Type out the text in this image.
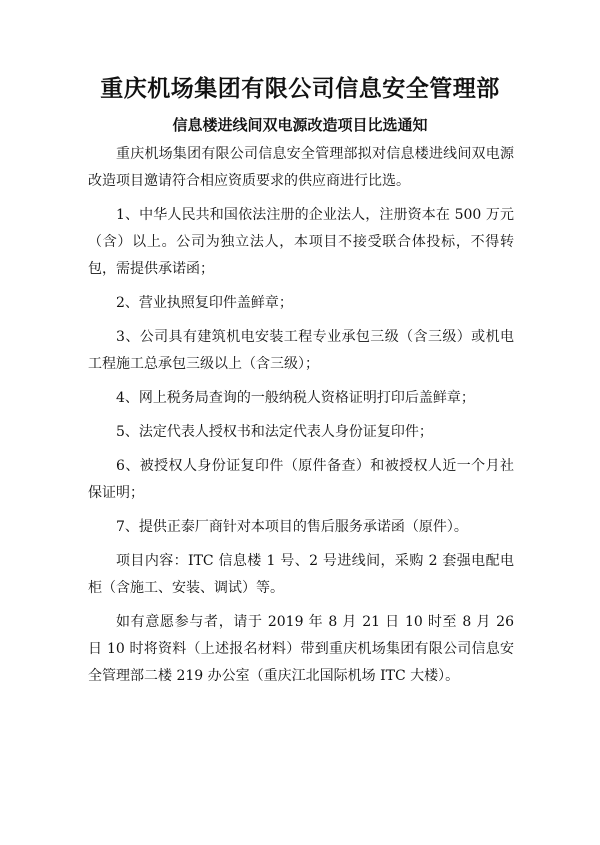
重庆机场集团有限公司信息安全管理部
信息楼进线间双电源改造项目比选通知

重庆机场集团有限公司信息安全管理部拟对信息楼进线间双电源改造项目邀请符合相应资质要求的供应商进行比选。

1、中华人民共和国依法注册的企业法人，注册资本在 500 万元（含）以上。公司为独立法人，本项目不接受联合体投标，不得转包，需提供承诺函；

2、营业执照复印件盖鲜章；

3、公司具有建筑机电安装工程专业承包三级（含三级）或机电工程施工总承包三级以上（含三级）；

4、网上税务局查询的一般纳税人资格证明打印后盖鲜章；

5、法定代表人授权书和法定代表人身份证复印件；

6、被授权人身份证复印件（原件备查）和被授权人近一个月社保证明；

7、提供正泰厂商针对本项目的售后服务承诺函（原件）。

项目内容：ITC 信息楼 1 号、2 号进线间，采购 2 套强电配电柜（含施工、安装、调试）等。

如有意愿参与者，请于 2019 年 8 月 21 日 10 时至 8 月 26 日 10 时将资料（上述报名材料）带到重庆机场集团有限公司信息安全管理部二楼 219 办公室（重庆江北国际机场 ITC 大楼）。
